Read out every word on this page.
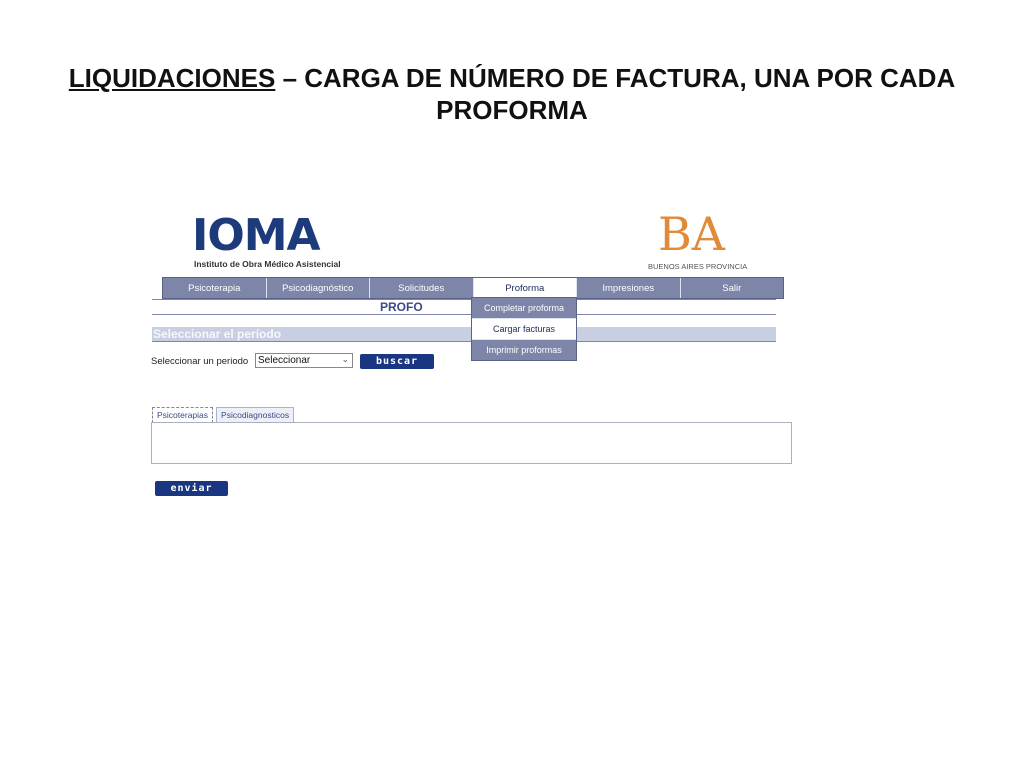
LIQUIDACIONES – CARGA DE NÚMERO DE FACTURA, UNA POR CADA PROFORMA
IOMA
Instituto de Obra Médico Asistencial
BA
BUENOS AIRES PROVINCIA
Psicoterapia	Psicodiagnóstico	Solicitudes	Proforma	Impresiones	Salir
PROFO	Completar proforma
Cargar facturas
Imprimir proformas
Seleccionar el período
Seleccionar un periodo Seleccionar	⌄	buscar
Psicoterapias	Psicodiagnosticos
enviar
